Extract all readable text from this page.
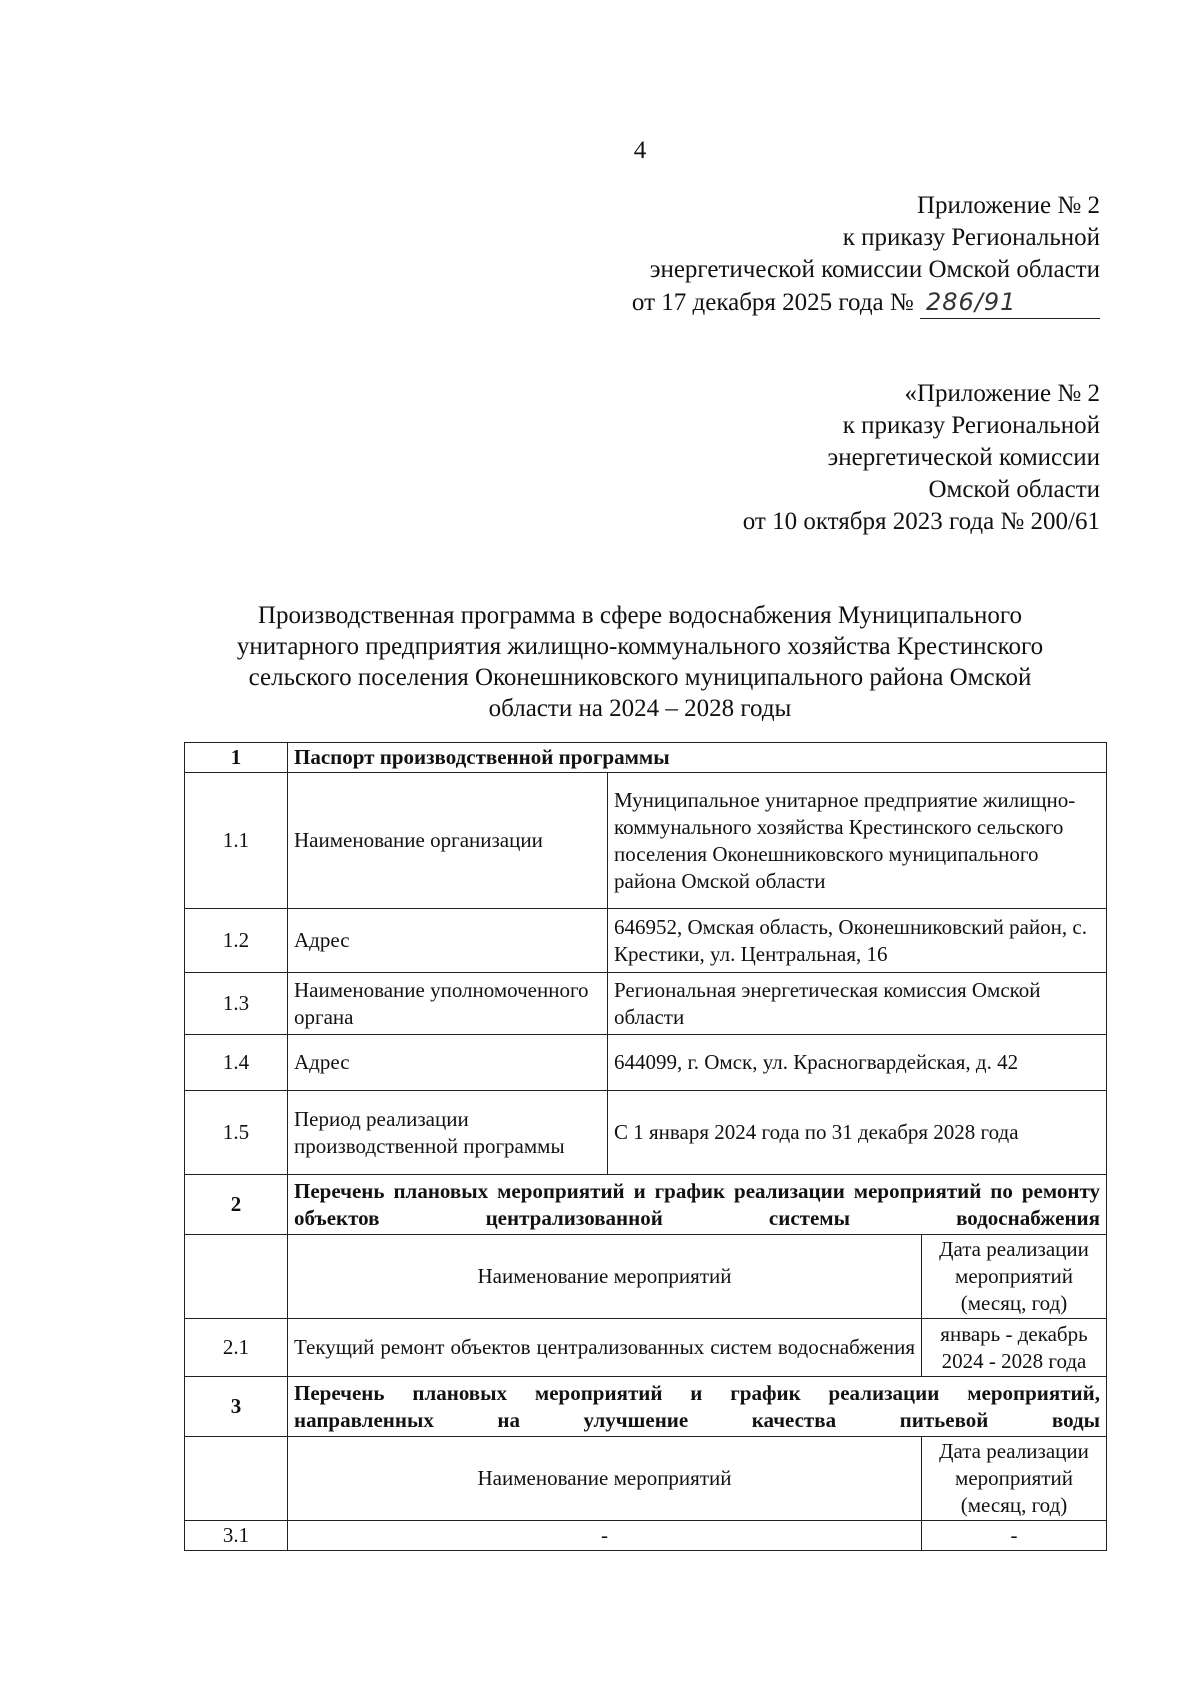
4
Приложение № 2
к приказу Региональной
энергетической комиссии Омской области
от 17 декабря 2025 года № 286/91
«Приложение № 2
к приказу Региональной
энергетической комиссии
Омской области
от 10 октября 2023 года № 200/61
Производственная программа в сфере водоснабжения Муниципального
унитарного предприятия жилищно-коммунального хозяйства Крестинского
сельского поселения Оконешниковского муниципального района Омской
области на 2024 – 2028 годы
1	Паспорт производственной программы		
1.1	Наименование организации	Муниципальное унитарное предприятие жилищно-коммунального хозяйства Крестинского сельского поселения Оконешниковского муниципального района Омской области	
1.2	Адрес	646952, Омская область, Оконешниковский район, с. Крестики, ул. Центральная, 16	
1.3	Наименование уполномоченного органа	Региональная энергетическая комиссия Омской области	
1.4	Адрес	644099, г. Омск, ул. Красногвардейская, д. 42	
1.5	Период реализации производственной программы	С 1 января 2024 года по 31 декабря 2028 года	
2	Перечень плановых мероприятий и график реализации мероприятий по ремонту объектов централизованной системы водоснабжения		
	Наименование мероприятий		Дата реализации мероприятий (месяц, год)
2.1	Текущий ремонт объектов централизованных систем водоснабжения		январь - декабрь 2024 - 2028 года
3	Перечень плановых мероприятий и график реализации мероприятий, направленных на улучшение качества питьевой воды		
	Наименование мероприятий		Дата реализации мероприятий (месяц, год)
3.1	-		-
